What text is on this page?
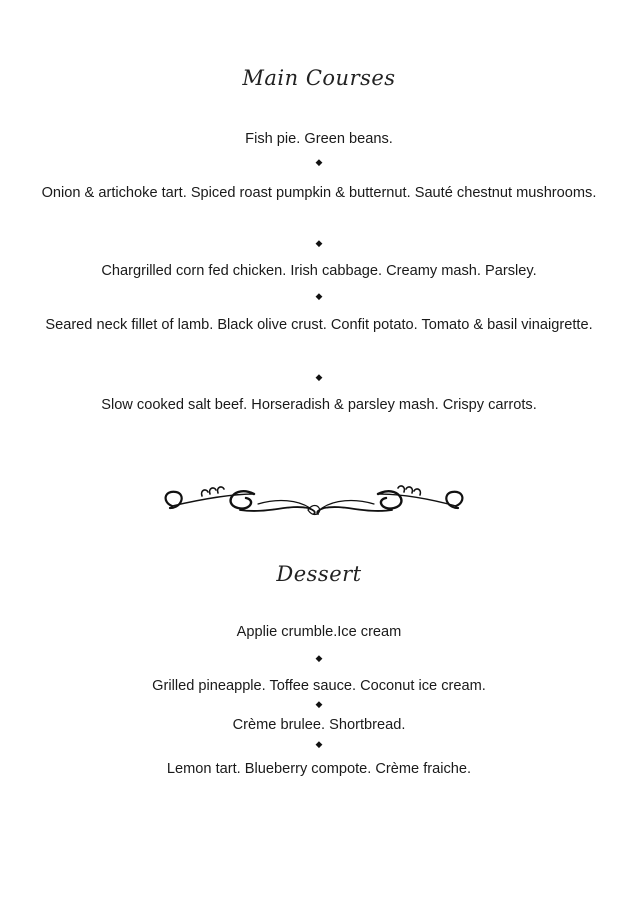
Main Courses
Fish pie. Green beans.
◆
Onion & artichoke tart. Spiced roast pumpkin & butternut. Sauté chestnut mushrooms.
◆
Chargrilled corn fed chicken. Irish cabbage. Creamy mash. Parsley.
◆
Seared neck fillet of lamb. Black olive crust. Confit potato. Tomato & basil vinaigrette.
◆
Slow cooked salt beef. Horseradish & parsley mash. Crispy carrots.
Dessert
Applie crumble.Ice cream
◆
Grilled pineapple. Toffee sauce. Coconut ice cream.
◆
Crème brulee. Shortbread.
◆
Lemon tart. Blueberry compote. Crème fraiche.
